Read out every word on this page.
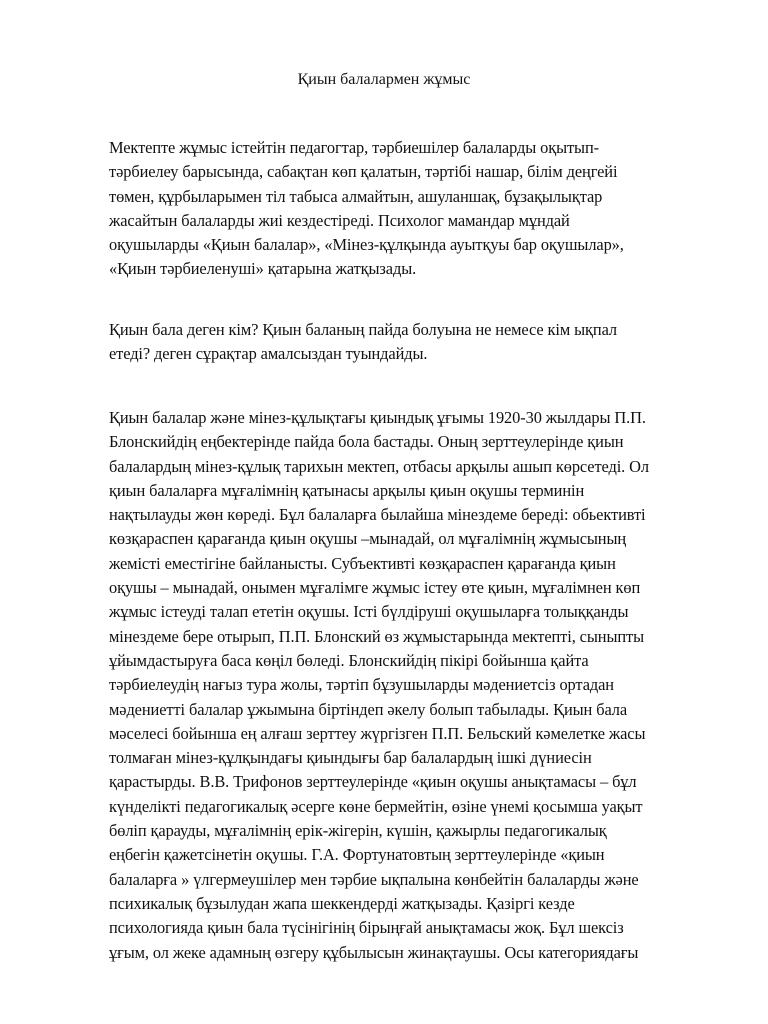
Қиын балалармен жұмыс

Мектепте жұмыс істейтін педагогтар, тәрбиешілер балаларды оқытып-
тәрбиелеу барысында, сабақтан көп қалатын, тәртібі нашар, білім деңгейі
төмен, құрбыларымен тіл табыса алмайтын, ашуланшақ, бұзақылықтар
жасайтын балаларды жиі кездестіреді. Психолог мамандар мұндай
оқушыларды «Қиын балалар», «Мінез-құлқында ауытқуы бар оқушылар»,
«Қиын тәрбиеленуші» қатарына жатқызады.

Қиын бала деген кім? Қиын баланың пайда болуына не немесе кім ықпал
етеді? деген сұрақтар амалсыздан туындайды.

Қиын балалар және мінез-құлықтағы қиындық ұғымы 1920-30 жылдары П.П.
Блонскийдің еңбектерінде пайда бола бастады. Оның зерттеулерінде қиын
балалардың мінез-құлық тарихын мектеп, отбасы арқылы ашып көрсетеді. Ол
қиын балаларға мұғалімнің қатынасы арқылы қиын оқушы терминін
нақтылауды жөн көреді. Бұл балаларға былайша мінездеме береді: обьективті
көзқараспен қарағанда қиын оқушы –мынадай, ол мұғалімнің жұмысының
жемісті еместігіне байланысты. Субъективті көзқараспен қарағанда қиын
оқушы – мынадай, онымен мұғалімге жұмыс істеу өте қиын, мұғалімнен көп
жұмыс істеуді талап ететін оқушы. Істі бүлдіруші оқушыларға толыққанды
мінездеме бере отырып, П.П. Блонский өз жұмыстарында мектепті, сыныпты
ұйымдастыруға баса көңіл бөледі. Блонскийдің пікірі бойынша қайта
тәрбиелеудің нағыз тура жолы, тәртіп бұзушыларды мәдениетсіз ортадан
мәдениетті балалар ұжымына біртіндеп әкелу болып табылады. Қиын бала
мәселесі бойынша ең алғаш зерттеу жүргізген П.П. Бельский кәмелетке жасы
толмаған мінез-құлқындағы қиындығы бар балалардың ішкі дүниесін
қарастырды. В.В. Трифонов зерттеулерінде «қиын оқушы анықтамасы – бұл
күнделікті педагогикалық әсерге көне бермейтін, өзіне үнемі қосымша уақыт
бөліп қарауды, мұғалімнің ерік-жігерін, күшін, қажырлы педагогикалық
еңбегін қажетсінетін оқушы. Г.А. Фортунатовтың зерттеулерінде «қиын
балаларға » үлгермеушілер мен тәрбие ықпалына көнбейтін балаларды және
психикалық бұзылудан жапа шеккендерді жатқызады. Қазіргі кезде
психологияда қиын бала түсінігінің бірыңғай анықтамасы жоқ. Бұл шексіз
ұғым, ол жеке адамның өзгеру құбылысын жинақтаушы. Осы категориядағы
